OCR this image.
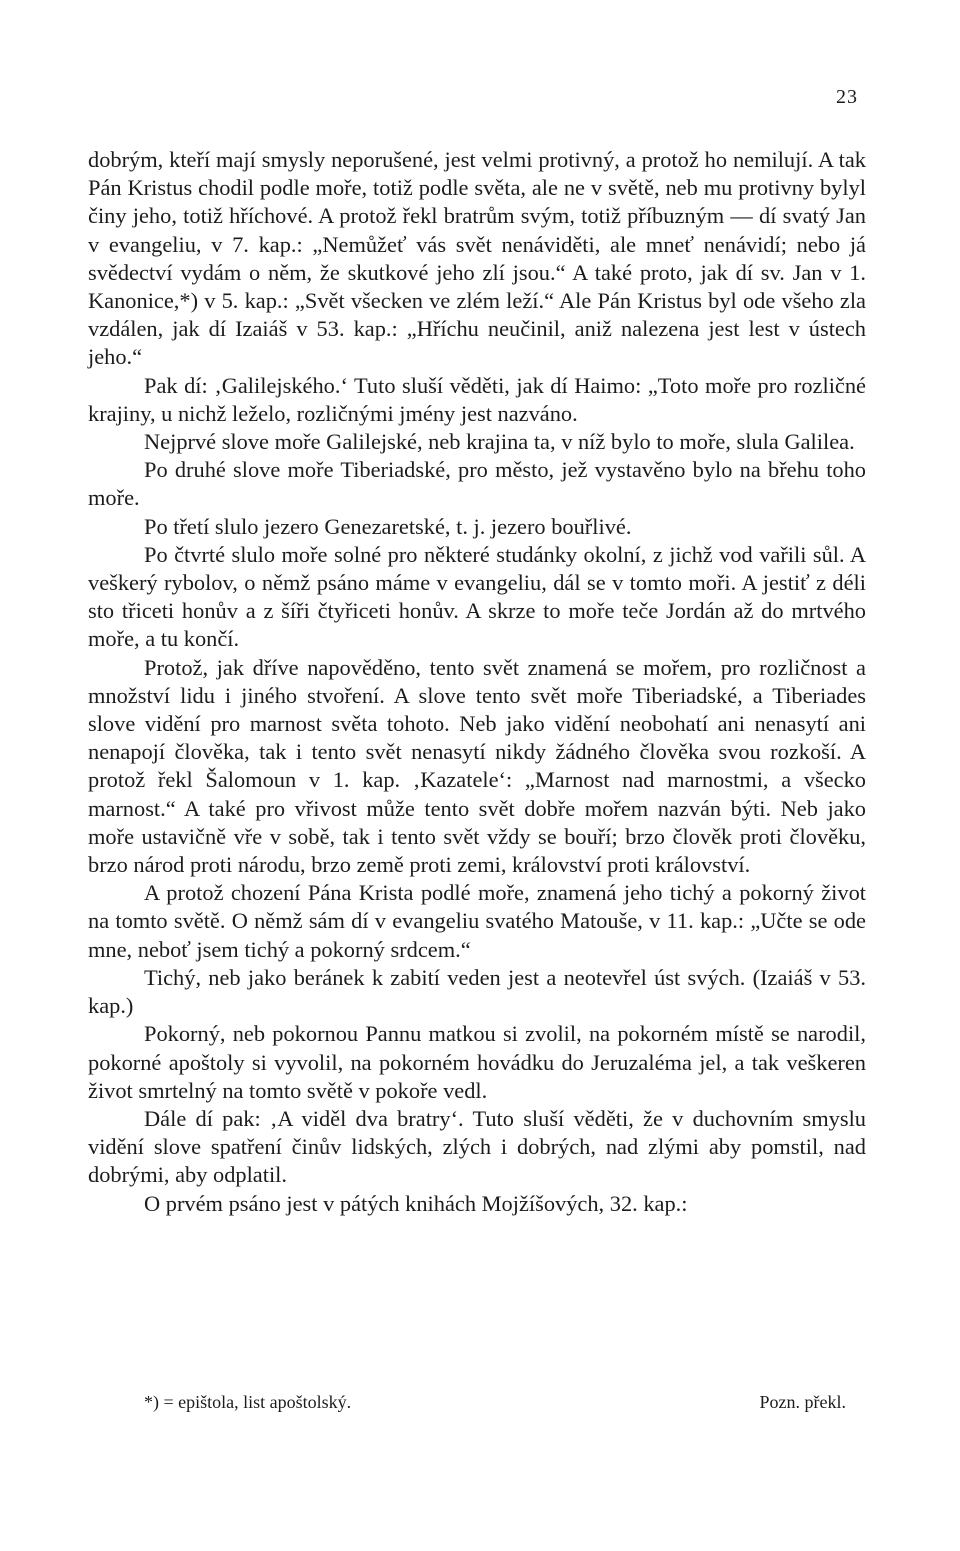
23

dobrým, kteří mají smysly neporušené, jest velmi protivný, a protož ho nemilují. A tak Pán Kristus chodil podle moře, totiž podle světa, ale ne v světě, neb mu protivny bylyl činy jeho, totiž hříchové. A protož řekl bratrům svým, totiž příbuzným — dí svatý Jan v evangeliu, v 7. kap.: „Nemůžeť vás svět nenáviděti, ale mneť nenávidí; nebo já svědectví vydám o něm, že skutkové jeho zlí jsou.“ A také proto, jak dí sv. Jan v 1. Kanonice,*) v 5. kap.: „Svět všecken ve zlém leží.“ Ale Pán Kristus byl ode všeho zla vzdálen, jak dí Izaiáš v 53. kap.: „Hříchu neučinil, aniž nalezena jest lest v ústech jeho.“

Pak dí: ‚Galilejského.‘ Tuto sluší věděti, jak dí Haimo: „Toto moře pro rozličné krajiny, u nichž leželo, rozličnými jmény jest nazváno.

Nejprvé slove moře Galilejské, neb krajina ta, v níž bylo to moře, slula Galilea.

Po druhé slove moře Tiberiadské, pro město, jež vystavěno bylo na břehu toho moře.

Po třetí slulo jezero Genezaretské, t. j. jezero bouřlivé.

Po čtvrté slulo moře solné pro některé studánky okolní, z jichž vod vařili sůl. A veškerý rybolov, o němž psáno máme v evangeliu, dál se v tomto moři. A jestiť z déli sto třiceti honův a z šíři čtyřiceti honův. A skrze to moře teče Jordán až do mrtvého moře, a tu končí.

Protož, jak dříve napověděno, tento svět znamená se mořem, pro rozličnost a množství lidu i jiného stvoření. A slove tento svět moře Tiberiadské, a Tiberiades slove vidění pro marnost světa tohoto. Neb jako vidění neobohatí ani nenasytí ani nenapojí člověka, tak i tento svět nenasytí nikdy žádného člověka svou rozkoší. A protož řekl Šalomoun v 1. kap. ‚Kazatele‘: „Marnost nad marnostmi, a všecko marnost.“ A také pro vřivost může tento svět dobře mořem nazván býti. Neb jako moře ustavičně vře v sobě, tak i tento svět vždy se bouří; brzo člověk proti člověku, brzo národ proti národu, brzo země proti zemi, království proti království.

A protož chození Pána Krista podlé moře, znamená jeho tichý a pokorný život na tomto světě. O němž sám dí v evangeliu svatého Matouše, v 11. kap.: „Učte se ode mne, neboť jsem tichý a pokorný srdcem.“

Tichý, neb jako beránek k zabití veden jest a neotevřel úst svých. (Izaiáš v 53. kap.)

Pokorný, neb pokornou Pannu matkou si zvolil, na pokorném místě se narodil, pokorné apoštoly si vyvolil, na pokorném hovádku do Jeruzaléma jel, a tak veškeren život smrtelný na tomto světě v pokoře vedl.

Dále dí pak: ‚A viděl dva bratry‘. Tuto sluší věděti, že v duchovním smyslu vidění slove spatření činův lidských, zlých i dobrých, nad zlými aby pomstil, nad dobrými, aby odplatil.

O prvém psáno jest v pátých knihách Mojžíšových, 32. kap.:

*) = epištola, list apoštolský.	Pozn. překl.
